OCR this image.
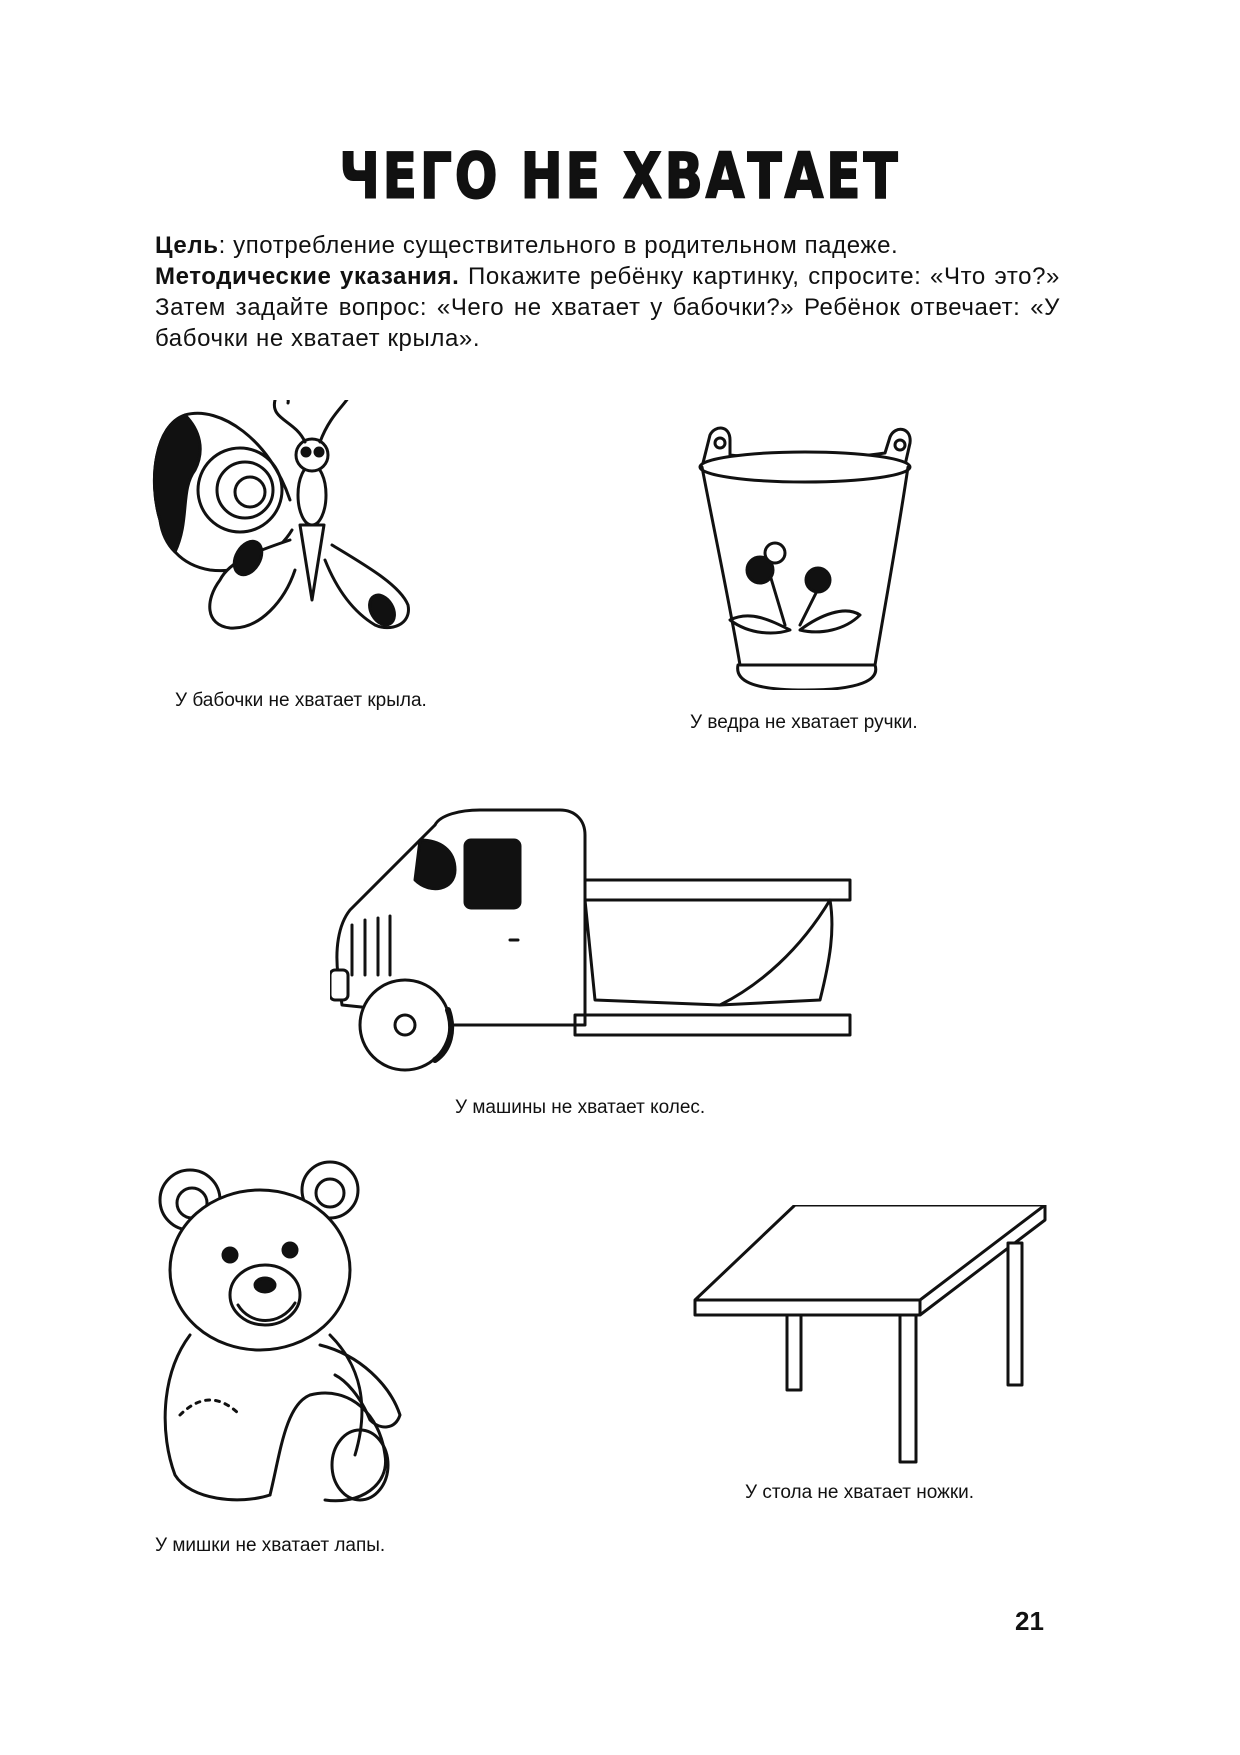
ЧЕГО НЕ ХВАТАЕТ

Цель: употребление существительного в родительном падеже.

Методические указания. Покажите ребёнку картинку, спросите: «Что это?» Затем задайте вопрос: «Чего не хватает у бабочки?» Ребёнок отвечает: «У бабочки не хватает крыла».

У бабочки не хватает крыла.
У ведра не хватает ручки.
У машины не хватает колес.
У мишки не хватает лапы.
У стола не хватает ножки.
21
